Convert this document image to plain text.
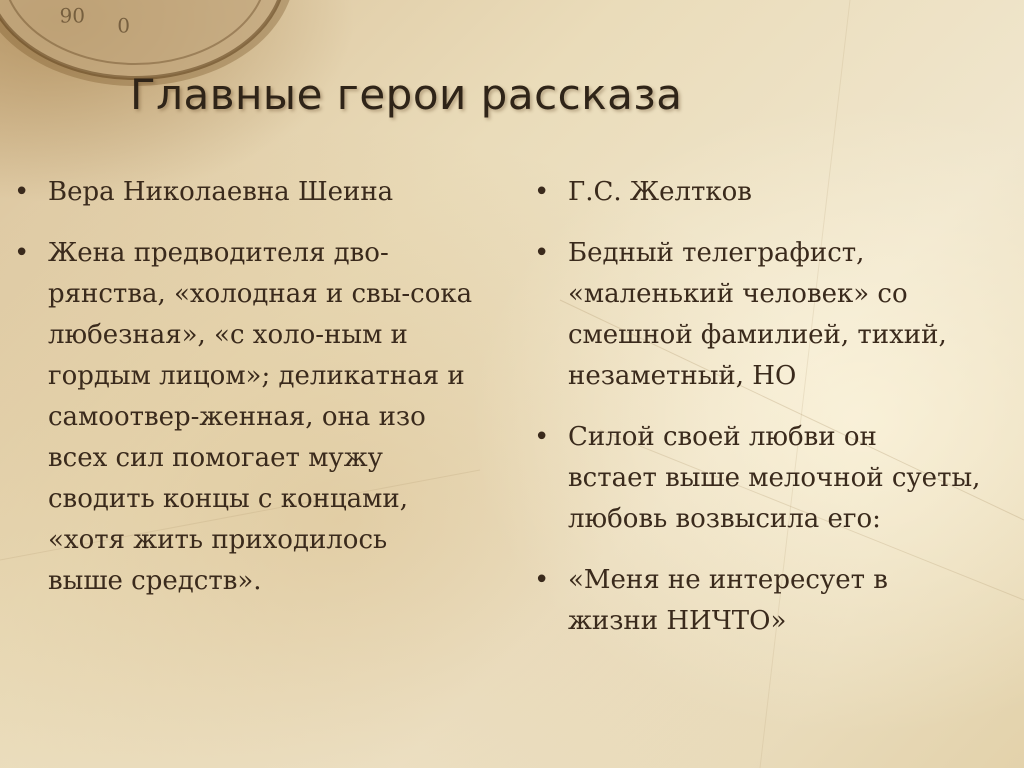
06 0
Главные герои рассказа
• Вера Николаевна Шеина
• Жена предводителя дво-
рянства, «холодная и свы-сока
любезная», «с холо-ным и
гордым лицом»; деликатная и
самоотвер-женная, она изо
всех сил помогает мужу
сводить концы с концами,
«хотя жить приходилось
выше средств».
• Г.С. Желтков
• Бедный телеграфист,
«маленький человек» со
смешной фамилией, тихий,
незаметный, НО
• Силой своей любви он
встает выше мелочной суеты,
любовь возвысила его:
• «Меня не интересует в
жизни НИЧТО»
